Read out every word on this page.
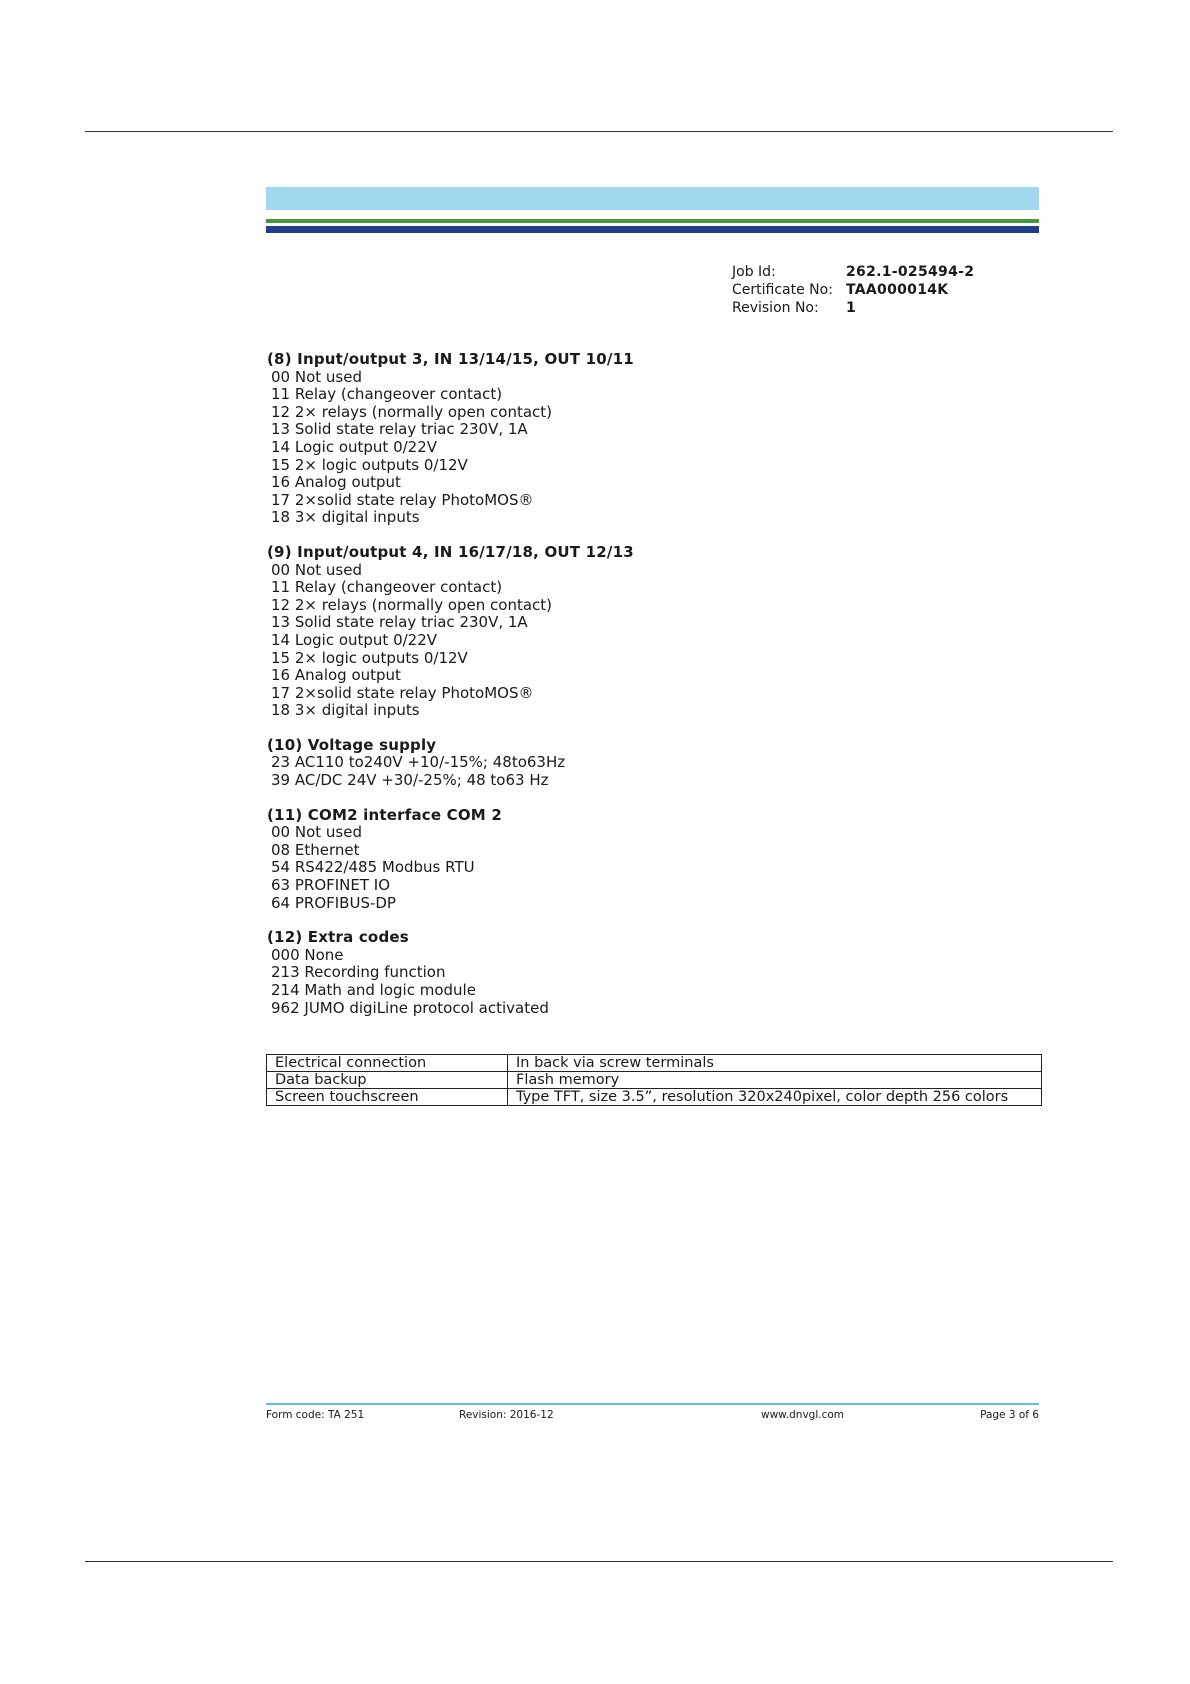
Job Id:	262.1-025494-2
Certificate No: TAA000014K
Revision No:	1
(8) Input/output 3, IN 13/14/15, OUT 10/11
00 Not used
11 Relay (changeover contact)
12 2× relays (normally open contact)
13 Solid state relay triac 230V, 1A
14 Logic output 0/22V
15 2× logic outputs 0/12V
16 Analog output
17 2×solid state relay PhotoMOS®
18 3× digital inputs
(9) Input/output 4, IN 16/17/18, OUT 12/13
00 Not used
11 Relay (changeover contact)
12 2× relays (normally open contact)
13 Solid state relay triac 230V, 1A
14 Logic output 0/22V
15 2× logic outputs 0/12V
16 Analog output
17 2×solid state relay PhotoMOS®
18 3× digital inputs
(10) Voltage supply
23 AC110 to240V +10/-15%; 48to63Hz
39 AC/DC 24V +30/-25%; 48 to63 Hz
(11) COM2 interface COM 2
00 Not used
08 Ethernet
54 RS422/485 Modbus RTU
63 PROFINET IO
64 PROFIBUS-DP
(12) Extra codes
000 None
213 Recording function
214 Math and logic module
962 JUMO digiLine protocol activated
Electrical connection	In back via screw terminals
Data backup	Flash memory
Screen touchscreen	Type TFT, size 3.5”, resolution 320x240pixel, color depth 256 colors
Form code: TA 251	Revision: 2016-12	www.dnvgl.com	Page 3 of 6
